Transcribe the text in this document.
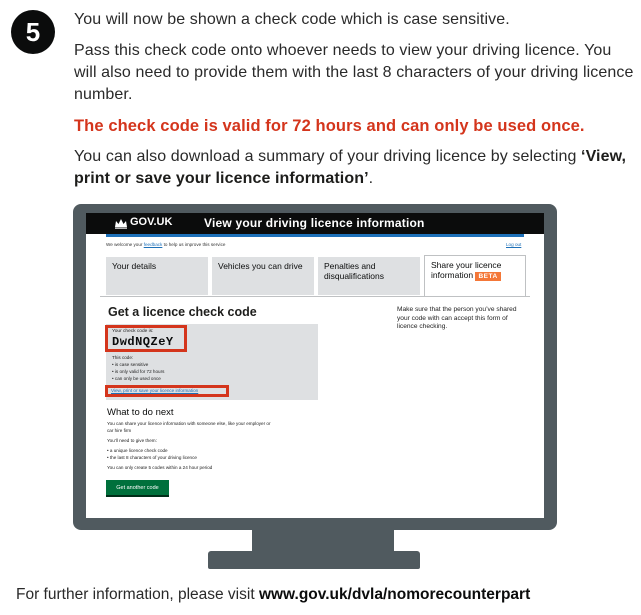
5 You will now be shown a check code which is case sensitive.
Pass this check code onto whoever needs to view your driving licence. You will also need to provide them with the last 8 characters of your driving licence number.
The check code is valid for 72 hours and can only be used once.
You can also download a summary of your driving licence by selecting ‘View, print or save your licence information’.
GOV.UK	View your driving licence information
We welcome your feedback to help us improve this service	Log out
Your details	Vehicles you can drive	Penalties and disqualifications
Share your licence information BETA
Get a licence check code	Make sure that the person you’ve shared your code with can accept this form of licence checking.
Your check code is:
DwdNQZeY
This code:
• is case sensitive
• is only valid for 72 hours
• can only be used once
View, print or save your licence information
What to do next
You can share your licence information with someone else, like your employer or car hire firm
You’ll need to give them:
• a unique licence check code
• the last 8 characters of your driving licence
You can only create 5 codes within a 24 hour period
Get another code
For further information, please visit www.gov.uk/dvla/nomorecounterpart
